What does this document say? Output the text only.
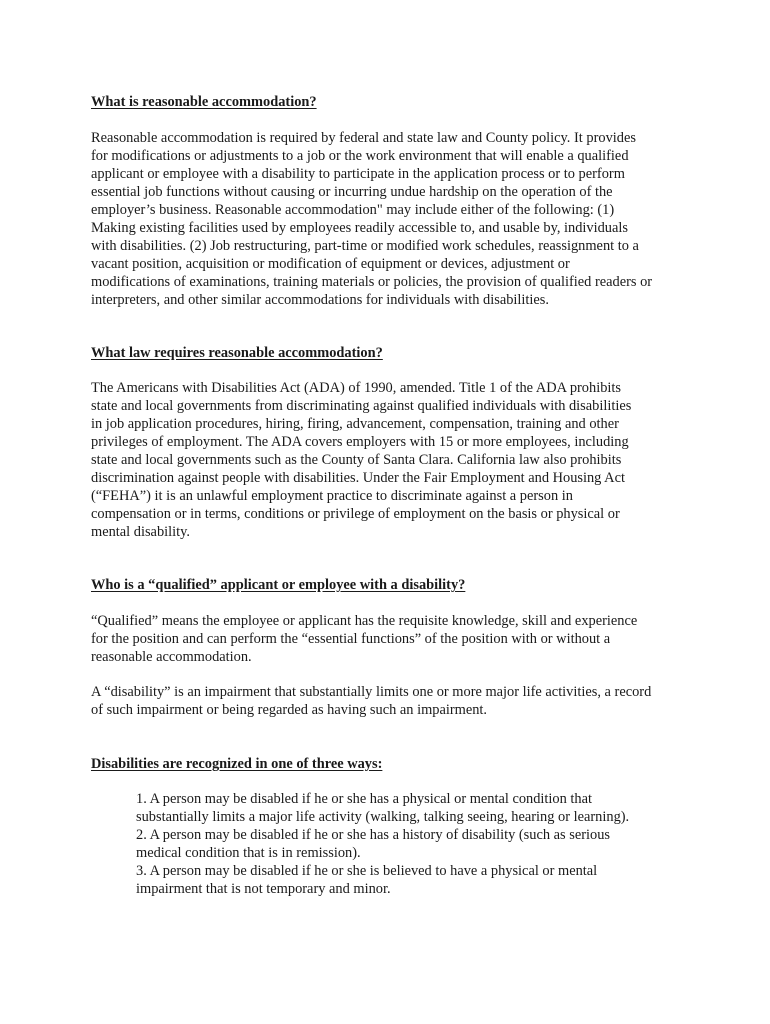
What is reasonable accommodation?

Reasonable accommodation is required by federal and state law and County policy. It provides
for modifications or adjustments to a job or the work environment that will enable a qualified
applicant or employee with a disability to participate in the application process or to perform
essential job functions without causing or incurring undue hardship on the operation of the
employer’s business. Reasonable accommodation" may include either of the following: (1)
Making existing facilities used by employees readily accessible to, and usable by, individuals
with disabilities. (2) Job restructuring, part-time or modified work schedules, reassignment to a
vacant position, acquisition or modification of equipment or devices, adjustment or
modifications of examinations, training materials or policies, the provision of qualified readers or
interpreters, and other similar accommodations for individuals with disabilities.

What law requires reasonable accommodation?

The Americans with Disabilities Act (ADA) of 1990, amended. Title 1 of the ADA prohibits
state and local governments from discriminating against qualified individuals with disabilities
in job application procedures, hiring, firing, advancement, compensation, training and other
privileges of employment. The ADA covers employers with 15 or more employees, including
state and local governments such as the County of Santa Clara. California law also prohibits
discrimination against people with disabilities. Under the Fair Employment and Housing Act
(“FEHA”) it is an unlawful employment practice to discriminate against a person in
compensation or in terms, conditions or privilege of employment on the basis or physical or
mental disability.

Who is a “qualified” applicant or employee with a disability?

“Qualified” means the employee or applicant has the requisite knowledge, skill and experience
for the position and can perform the “essential functions” of the position with or without a
reasonable accommodation.

A “disability” is an impairment that substantially limits one or more major life activities, a record
of such impairment or being regarded as having such an impairment.

Disabilities are recognized in one of three ways:
1. A person may be disabled if he or she has a physical or mental condition that
substantially limits a major life activity (walking, talking seeing, hearing or learning).
2. A person may be disabled if he or she has a history of disability (such as serious
medical condition that is in remission).
3. A person may be disabled if he or she is believed to have a physical or mental
impairment that is not temporary and minor.
